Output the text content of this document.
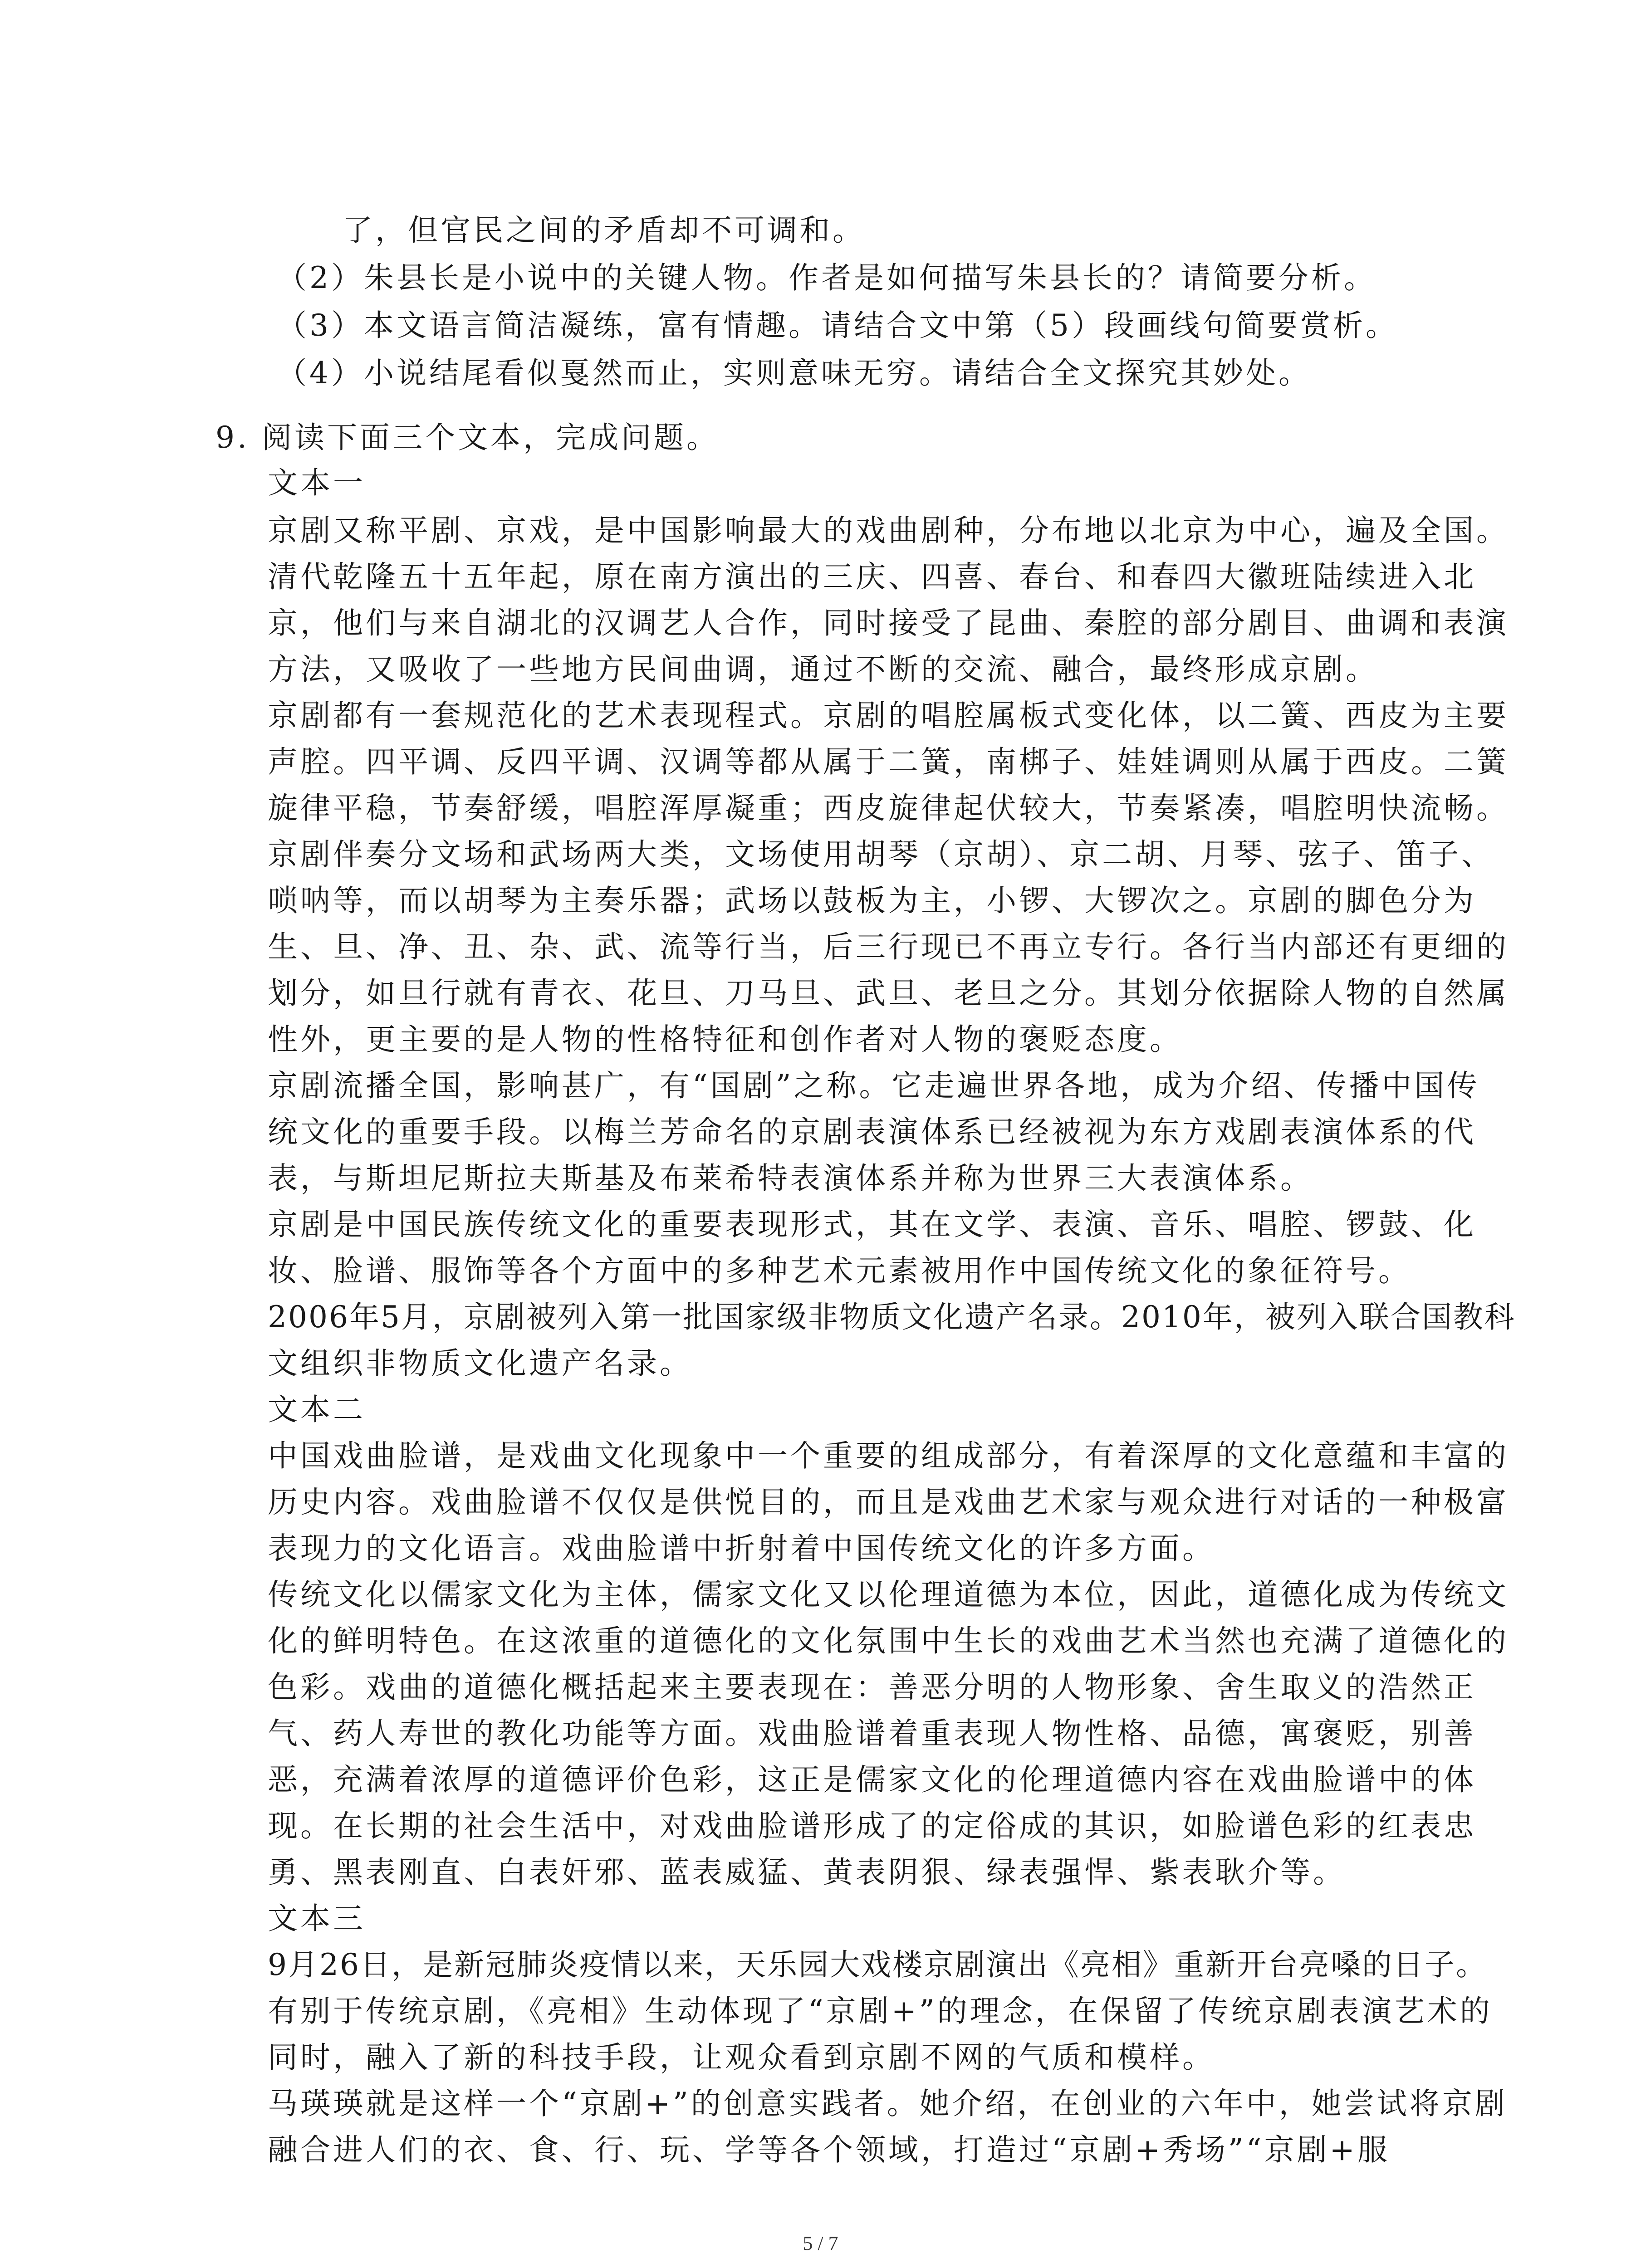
了，但官民之间的矛盾却不可调和。
（2）朱县长是小说中的关键人物。作者是如何描写朱县长的？请简要分析。
（3）本文语言简洁凝练，富有情趣。请结合文中第（5）段画线句简要赏析。
（4）小说结尾看似戛然而止，实则意味无穷。请结合全文探究其妙处。
9. 阅读下面三个文本，完成问题。
文本一
京剧又称平剧、京戏，是中国影响最大的戏曲剧种，分布地以北京为中心，遍及全国。
清代乾隆五十五年起，原在南方演出的三庆、四喜、春台、和春四大徽班陆续进入北
京，他们与来自湖北的汉调艺人合作，同时接受了昆曲、秦腔的部分剧目、曲调和表演
方法，又吸收了一些地方民间曲调，通过不断的交流、融合，最终形成京剧。
京剧都有一套规范化的艺术表现程式。京剧的唱腔属板式变化体，以二簧、西皮为主要
声腔。四平调、反四平调、汉调等都从属于二簧，南梆子、娃娃调则从属于西皮。二簧
旋律平稳，节奏舒缓，唱腔浑厚凝重；西皮旋律起伏较大，节奏紧凑，唱腔明快流畅。
京剧伴奏分文场和武场两大类，文场使用胡琴（京胡）、京二胡、月琴、弦子、笛子、
唢呐等，而以胡琴为主奏乐器；武场以鼓板为主，小锣、大锣次之。京剧的脚色分为
生、旦、净、丑、杂、武、流等行当，后三行现已不再立专行。各行当内部还有更细的
划分，如旦行就有青衣、花旦、刀马旦、武旦、老旦之分。其划分依据除人物的自然属
性外，更主要的是人物的性格特征和创作者对人物的褒贬态度。
京剧流播全国，影响甚广，有“国剧”之称。它走遍世界各地，成为介绍、传播中国传
统文化的重要手段。以梅兰芳命名的京剧表演体系已经被视为东方戏剧表演体系的代
表，与斯坦尼斯拉夫斯基及布莱希特表演体系并称为世界三大表演体系。
京剧是中国民族传统文化的重要表现形式，其在文学、表演、音乐、唱腔、锣鼓、化
妆、脸谱、服饰等各个方面中的多种艺术元素被用作中国传统文化的象征符号。
2006年5月，京剧被列入第一批国家级非物质文化遗产名录。2010年，被列入联合国教科
文组织非物质文化遗产名录。
文本二
中国戏曲脸谱，是戏曲文化现象中一个重要的组成部分，有着深厚的文化意蕴和丰富的
历史内容。戏曲脸谱不仅仅是供悦目的，而且是戏曲艺术家与观众进行对话的一种极富
表现力的文化语言。戏曲脸谱中折射着中国传统文化的许多方面。
传统文化以儒家文化为主体，儒家文化又以伦理道德为本位，因此，道德化成为传统文
化的鲜明特色。在这浓重的道德化的文化氛围中生长的戏曲艺术当然也充满了道德化的
色彩。戏曲的道德化概括起来主要表现在：善恶分明的人物形象、舍生取义的浩然正
气、药人寿世的教化功能等方面。戏曲脸谱着重表现人物性格、品德，寓褒贬，别善
恶，充满着浓厚的道德评价色彩，这正是儒家文化的伦理道德内容在戏曲脸谱中的体
现。在长期的社会生活中，对戏曲脸谱形成了的定俗成的其识，如脸谱色彩的红表忠
勇、黑表刚直、白表奸邪、蓝表威猛、黄表阴狠、绿表强悍、紫表耿介等。
文本三
9月26日，是新冠肺炎疫情以来，天乐园大戏楼京剧演出《亮相》重新开台亮嗓的日子。
有别于传统京剧，《亮相》生动体现了“京剧+”的理念，在保留了传统京剧表演艺术的
同时，融入了新的科技手段，让观众看到京剧不网的气质和模样。
马瑛瑛就是这样一个“京剧+”的创意实践者。她介绍，在创业的六年中，她尝试将京剧
融合进人们的衣、食、行、玩、学等各个领域，打造过“京剧+秀场”“京剧+服
5 / 7
